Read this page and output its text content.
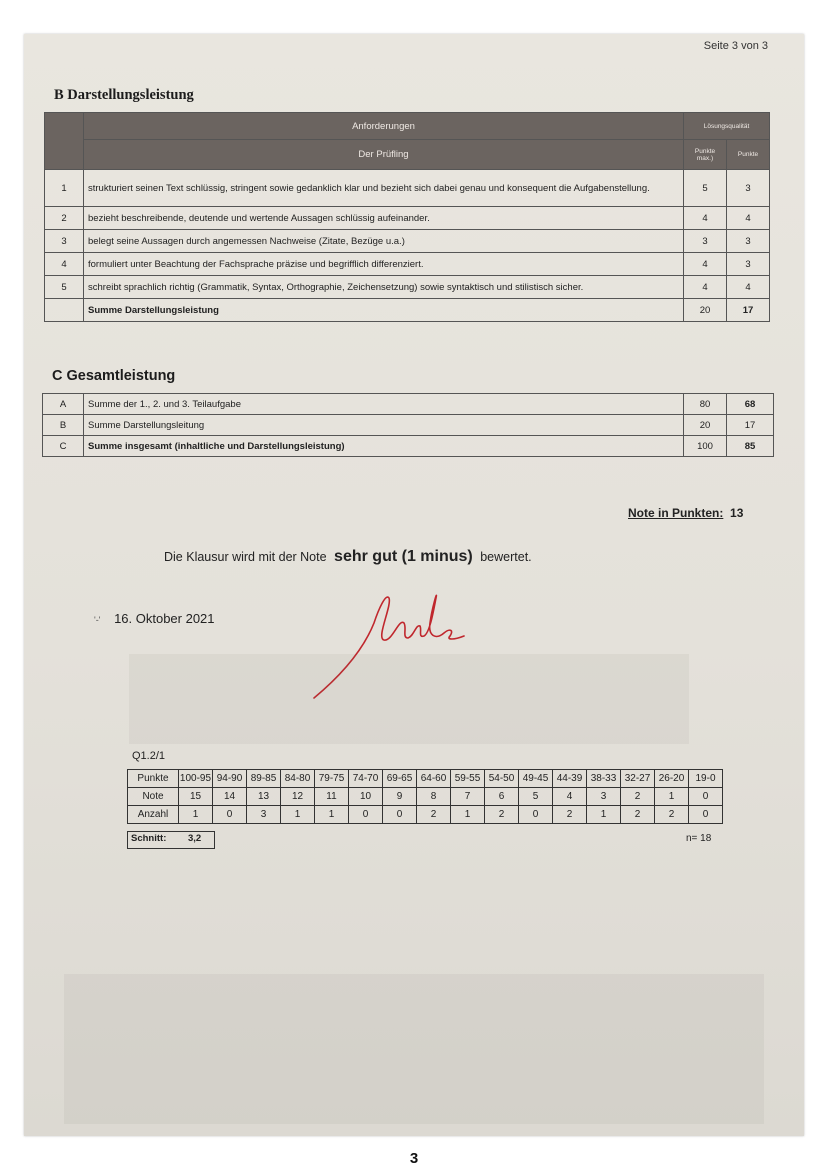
Seite 3 von 3
B Darstellungsleistung
	Anforderungen	Lösungsqualität	
	Der Prüfling	Punkte max.)	Punkte
1	strukturiert seinen Text schlüssig, stringent sowie gedanklich klar und bezieht sich dabei genau und konsequent die Aufgabenstellung.	5	3
2	bezieht beschreibende, deutende und wertende Aussagen schlüssig aufeinander.	4	4
3	belegt seine Aussagen durch angemessen Nachweise (Zitate, Bezüge u.a.)	3	3
4	formuliert unter Beachtung der Fachsprache präzise und begrifflich differenziert.	4	3
5	schreibt sprachlich richtig (Grammatik, Syntax, Orthographie, Zeichensetzung) sowie syntaktisch und stilistisch sicher.	4	4
	Summe Darstellungsleistung	20	17
C Gesamtleistung
A	Summe der 1., 2. und 3. Teilaufgabe	80	68
B	Summe Darstellungsleitung	20	17
C	Summe insgesamt (inhaltliche und Darstellungsleistung)	100	85
Note in Punkten: 13
Die Klausur wird mit der Note sehr gut (1 minus) bewertet.
'-' 16. Oktober 2021
Q1.2/1
Punkte	100-95	94-90	89-85	84-80	79-75	74-70	69-65	64-60	59-55	54-50	49-45	44-39	38-33	32-27	26-20	19-0
Note	15	14	13	12	11	10	9	8	7	6	5	4	3	2	1	0
Anzahl	1	0	3	1	1	0	0	2	1	2	0	2	1	2	2	0
Schnitt: 3,2	n= 18
3
